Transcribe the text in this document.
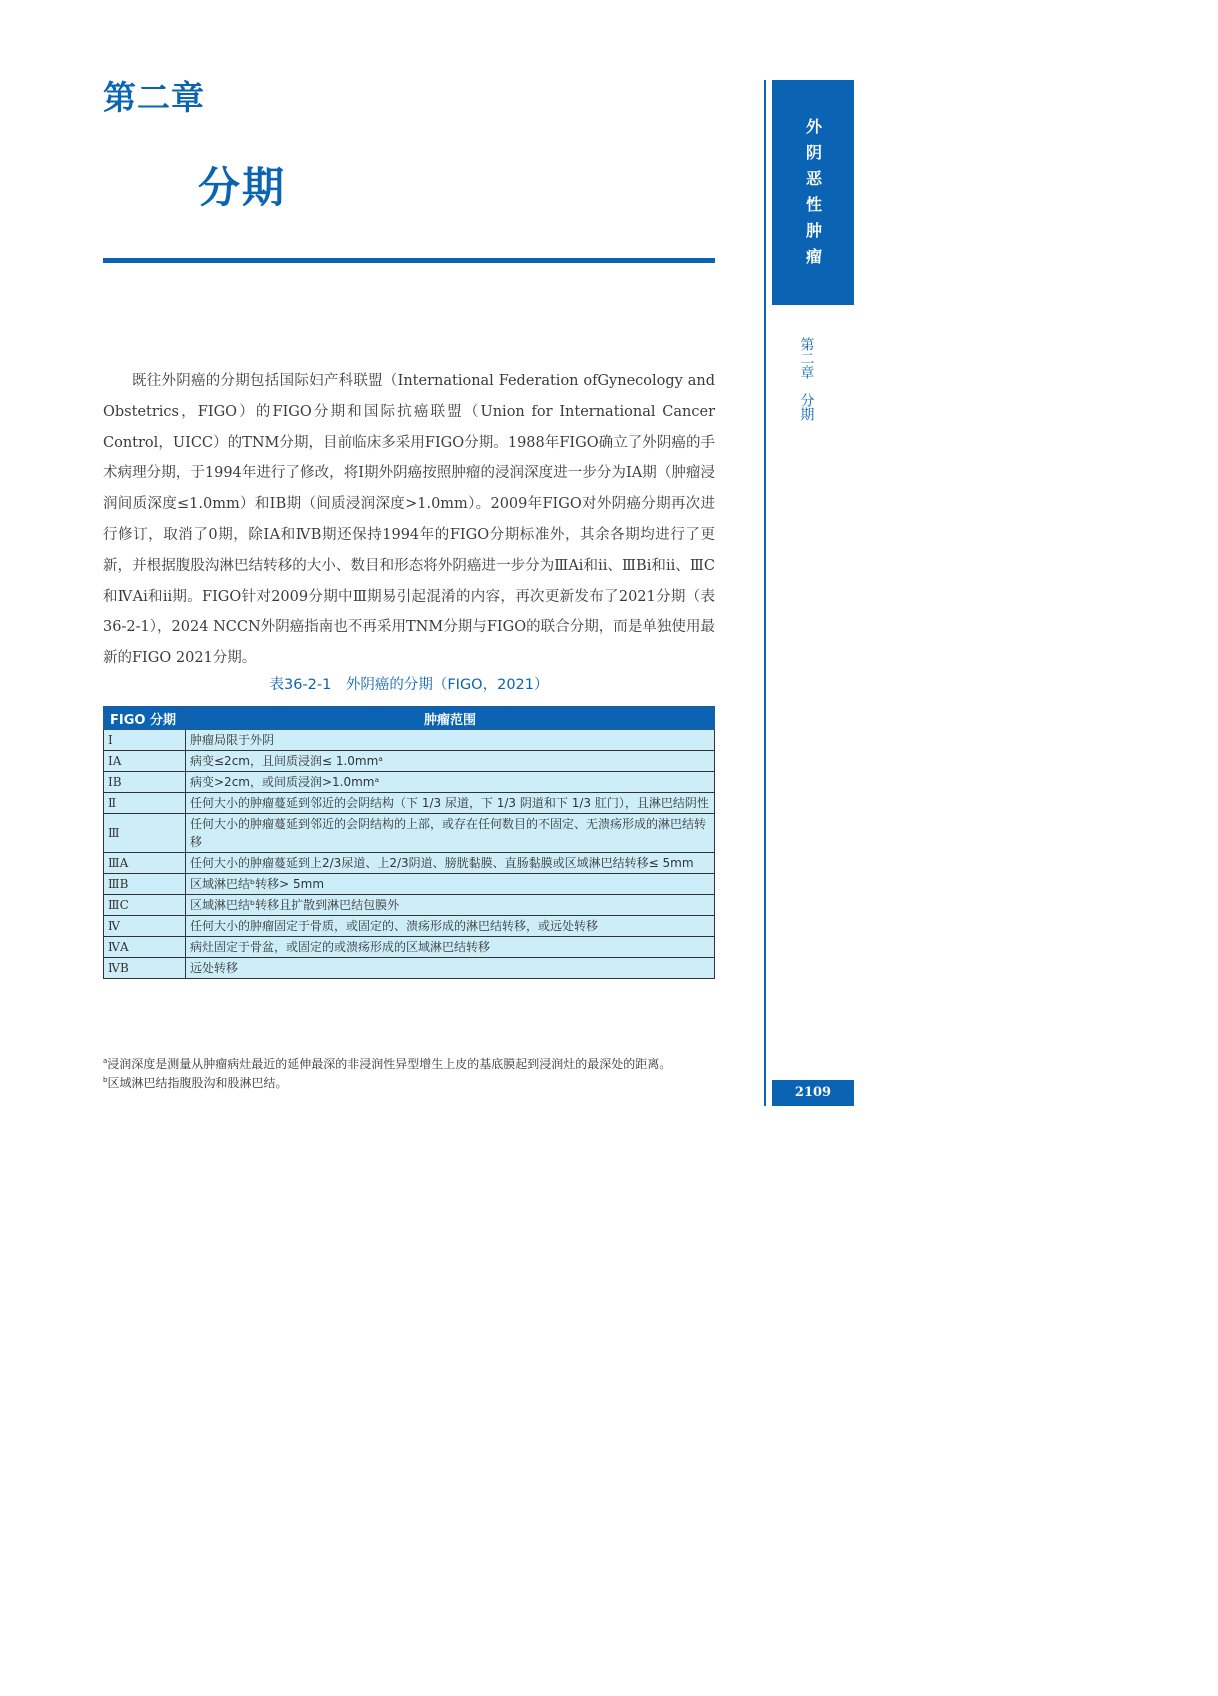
第二章
分期

既往外阴癌的分期包括国际妇产科联盟（International Federation ofGynecology and Obstetrics，FIGO）的FIGO分期和国际抗癌联盟（Union for International Cancer Control，UICC）的TNM分期，目前临床多采用FIGO分期。1988年FIGO确立了外阴癌的手术病理分期，于1994年进行了修改，将Ⅰ期外阴癌按照肿瘤的浸润深度进一步分为ⅠA期（肿瘤浸润间质深度≤1.0mm）和ⅠB期（间质浸润深度>1.0mm）。2009年FIGO对外阴癌分期再次进行修订，取消了0期，除ⅠA和ⅣB期还保持1994年的FIGO分期标准外，其余各期均进行了更新，并根据腹股沟淋巴结转移的大小、数目和形态将外阴癌进一步分为ⅢAi和ⅱ、ⅢBⅰ和ⅱ、ⅢC和ⅣAi和ⅱ期。FIGO针对2009分期中Ⅲ期易引起混淆的内容，再次更新发布了2021分期（表36-2-1），2024 NCCN外阴癌指南也不再采用TNM分期与FIGO的联合分期，而是单独使用最新的FIGO 2021分期。

表36-2-1　外阴癌的分期（FIGO，2021）
FIGO 分期	肿瘤范围
Ⅰ	肿瘤局限于外阴
ⅠA	病变≤2cm，且间质浸润≤ 1.0mmᵃ
ⅠB	病变>2cm，或间质浸润>1.0mmᵃ
Ⅱ	任何大小的肿瘤蔓延到邻近的会阴结构（下 1/3 尿道，下 1/3 阴道和下 1/3 肛门），且淋巴结阴性
Ⅲ	任何大小的肿瘤蔓延到邻近的会阴结构的上部，或存在任何数目的不固定、无溃疡形成的淋巴结转移
ⅢA	任何大小的肿瘤蔓延到上2/3尿道、上2/3阴道、膀胱黏膜、直肠黏膜或区域淋巴结转移≤ 5mm
ⅢB	区域淋巴结ᵇ转移> 5mm
ⅢC	区域淋巴结ᵇ转移且扩散到淋巴结包膜外
Ⅳ	任何大小的肿瘤固定于骨质，或固定的、溃疡形成的淋巴结转移，或远处转移
ⅣA	病灶固定于骨盆，或固定的或溃疡形成的区域淋巴结转移
ⅣB	远处转移
$^a$浸润深度是测量从肿瘤病灶最近的延伸最深的非浸润性异型增生上皮的基底膜起到浸润灶的最深处的距离。
$^b$区域淋巴结指腹股沟和股淋巴结。
外阴恶性肿瘤
第二章　分期
2109
